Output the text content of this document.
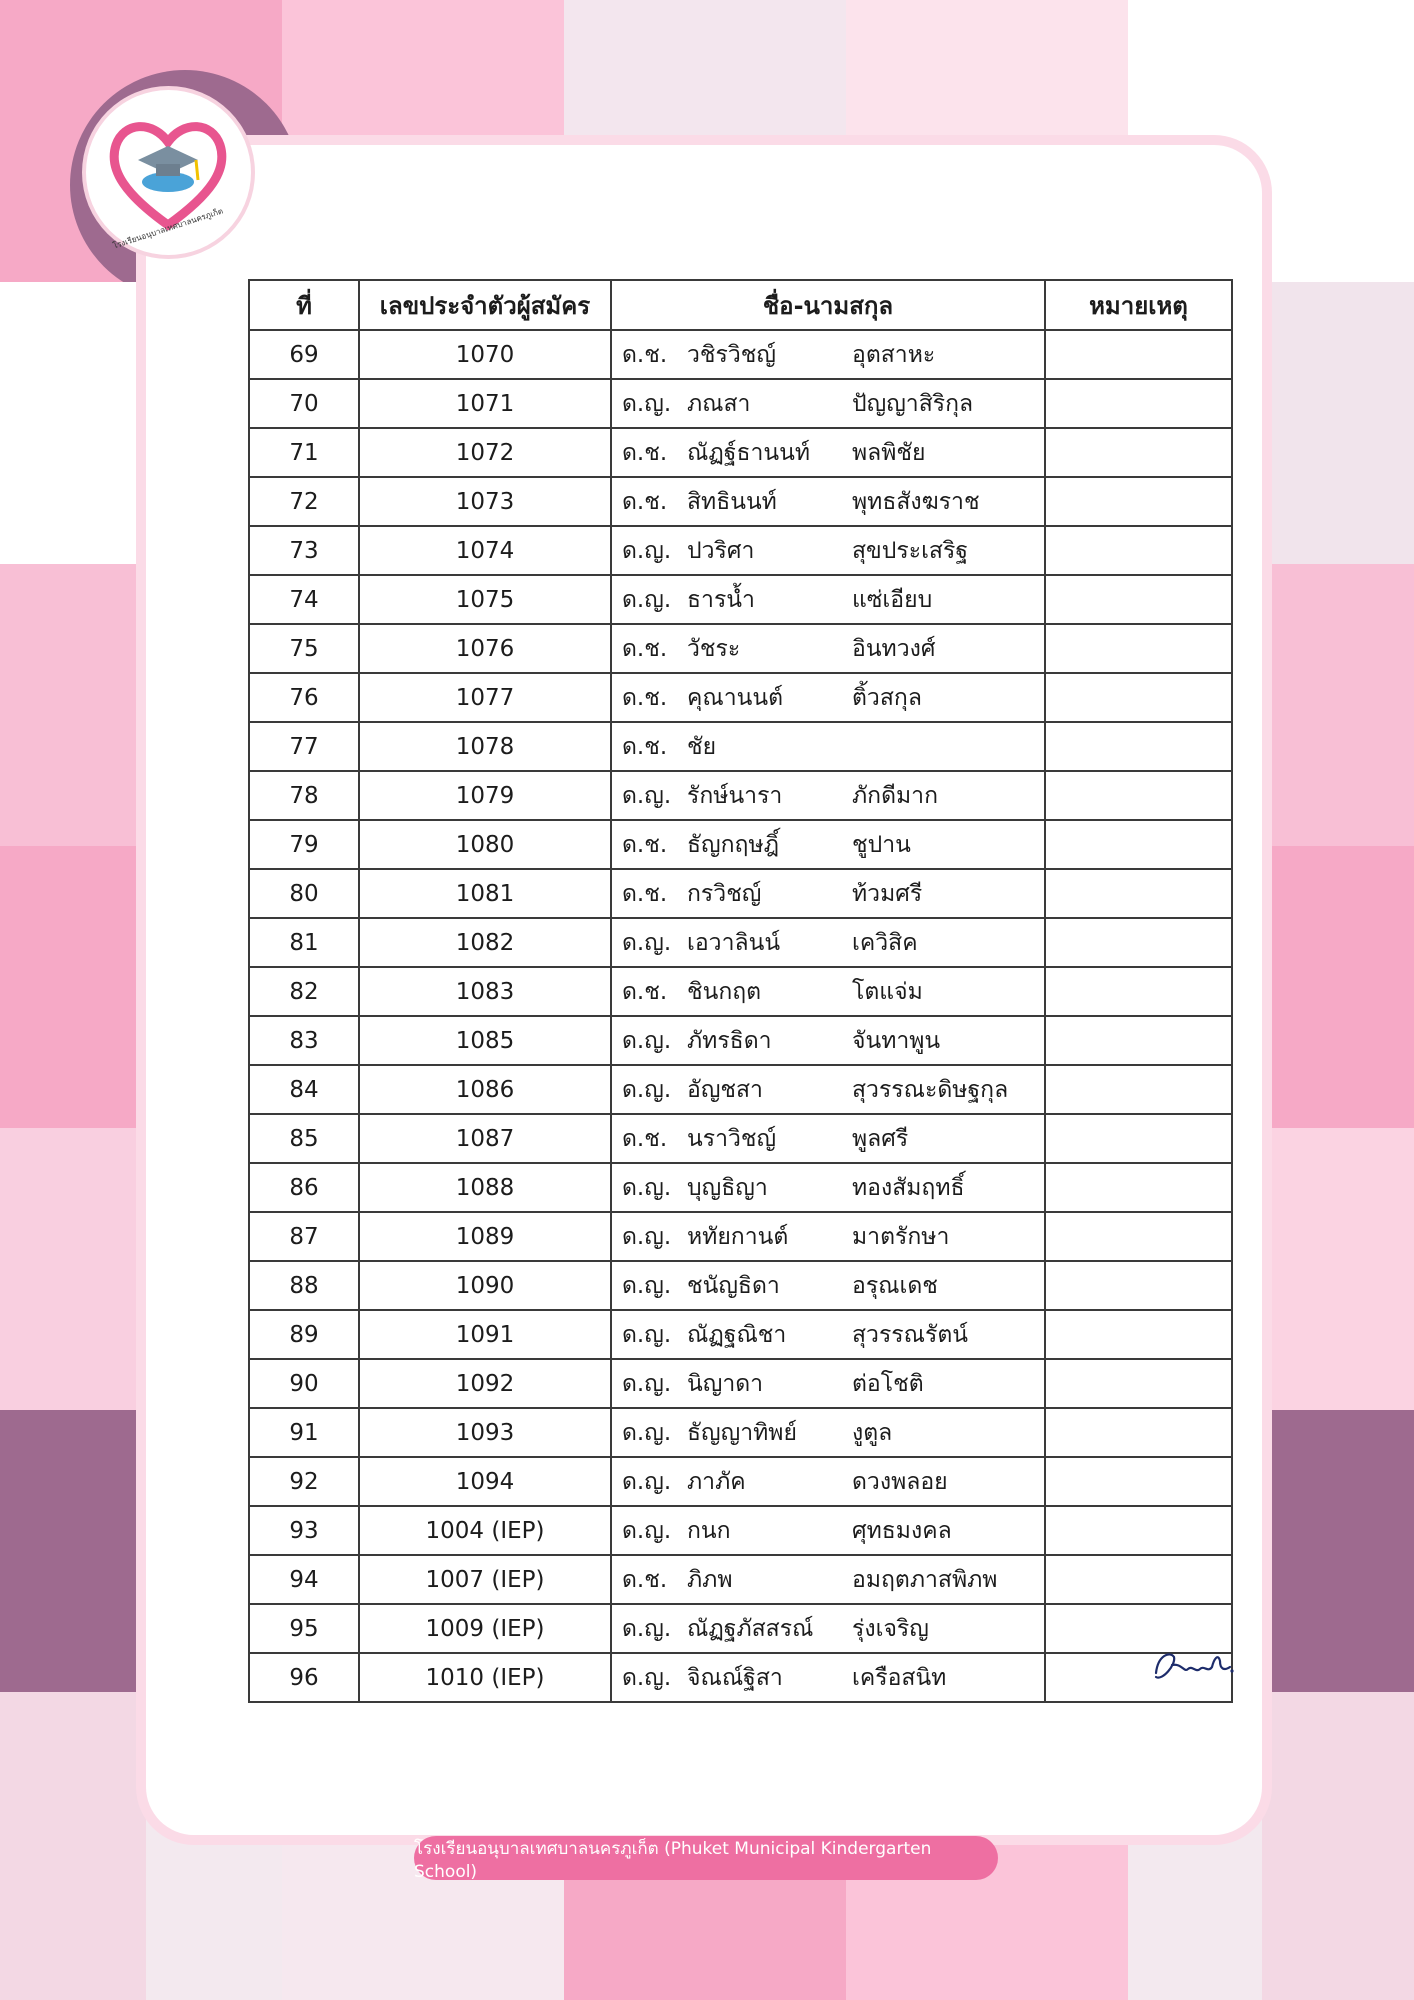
โรงเรียนอนุบาลเทศบาลนครภูเก็ต
ที่	เลขประจำตัวผู้สมัคร	ชื่อ-นามสกุล	หมายเหตุ
69	1070	ด.ช. วชิรวิชญ์ อุตสาหะ	

70	1071	ด.ญ. ภณสา ปัญญาสิริกุล	

71	1072	ด.ช. ณัฏฐ์ธานนท์ พลพิชัย	

72	1073	ด.ช. สิทธินนท์ พุทธสังฆราช	

73	1074	ด.ญ. ปวริศา สุขประเสริฐ	

74	1075	ด.ญ. ธารน้ำ แซ่เอียบ	

75	1076	ด.ช. วัชระ อินทวงศ์	

76	1077	ด.ช. คุณานนต์ ติ้วสกุล	

77	1078	ด.ช. ชัย	

78	1079	ด.ญ. รักษ์นารา ภักดีมาก	

79	1080	ด.ช. ธัญกฤษฎิ์ ชูปาน	

80	1081	ด.ช. กรวิชญ์ ท้วมศรี	

81	1082	ด.ญ. เอวาลินน์ เควิสิค	

82	1083	ด.ช. ชินกฤต โตแจ่ม	

83	1085	ด.ญ. ภัทรธิดา จันทาพูน	

84	1086	ด.ญ. อัญชสา สุวรรณะดิษฐกุล	

85	1087	ด.ช. นราวิชญ์ พูลศรี	

86	1088	ด.ญ. บุญธิญา ทองสัมฤทธิ์	

87	1089	ด.ญ. หทัยกานต์ มาตรักษา	

88	1090	ด.ญ. ชนัญธิดา อรุณเดช	

89	1091	ด.ญ. ณัฏฐณิชา สุวรรณรัตน์	

90	1092	ด.ญ. นิญาดา ต่อโชติ	

91	1093	ด.ญ. ธัญญาทิพย์ งูตูล	

92	1094	ด.ญ. ภาภัค ดวงพลอย	

93	1004 (IEP)	ด.ญ. กนก ศุทธมงคล	

94	1007 (IEP)	ด.ช. ภิภพ อมฤตภาสพิภพ	

95	1009 (IEP)	ด.ญ. ณัฏฐภัสสรณ์ รุ่งเจริญ	

96	1010 (IEP)	ด.ญ. จิณณ์ฐิสา เครือสนิท	

โรงเรียนอนุบาลเทศบาลนครภูเก็ต (Phuket Municipal Kindergarten School)
